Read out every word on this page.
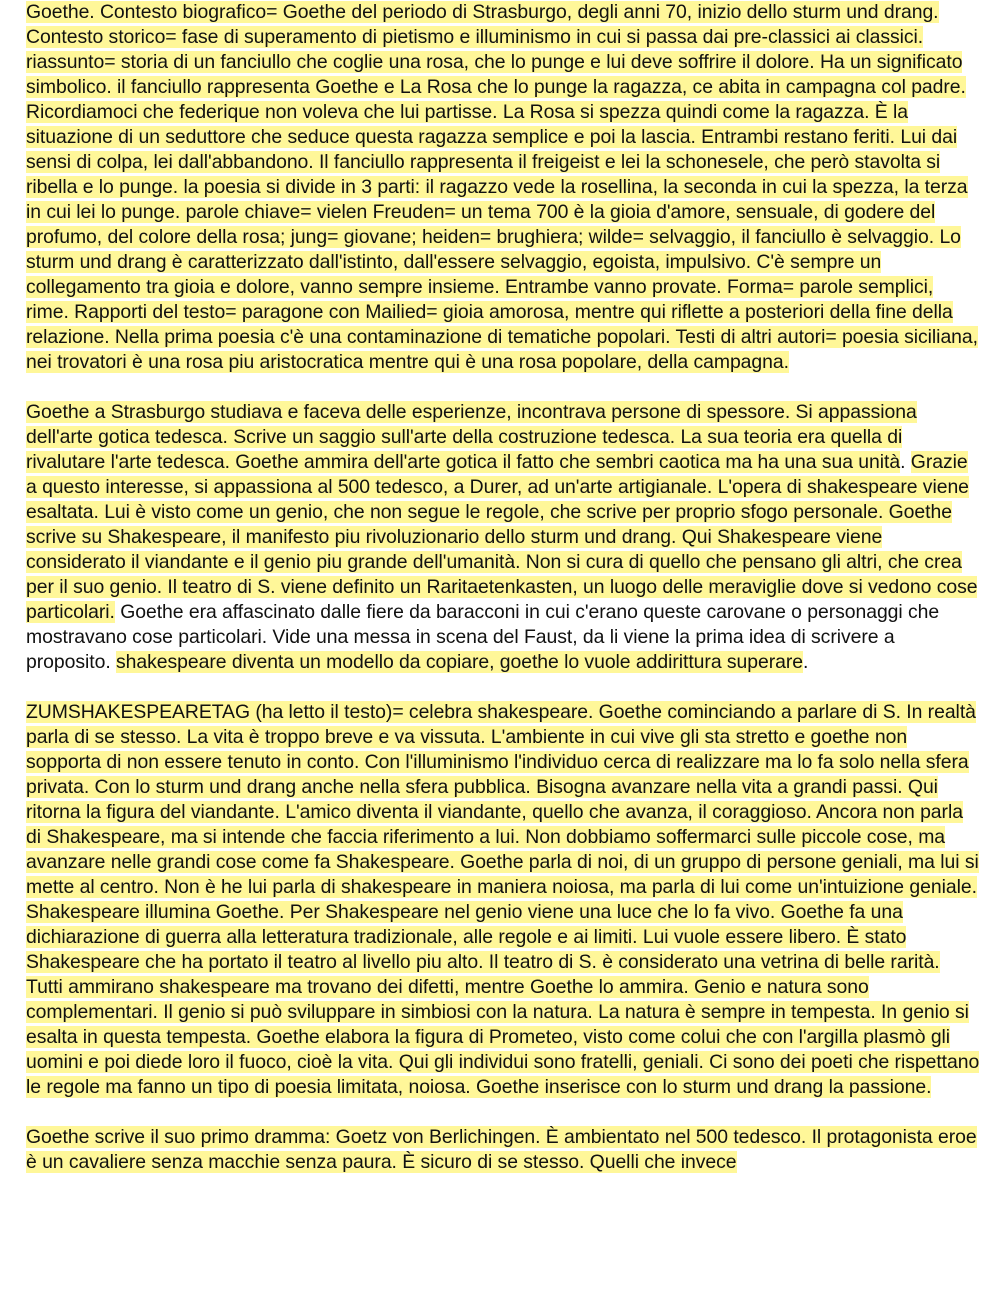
Goethe. Contesto biografico= Goethe del periodo di Strasburgo, degli anni 70, inizio dello sturm und drang. Contesto storico= fase di superamento di pietismo e illuminismo in cui si passa dai pre-classici ai classici. riassunto= storia di un fanciullo che coglie una rosa, che lo punge e lui deve soffrire il dolore. Ha un significato simbolico. il fanciullo rappresenta Goethe e La Rosa che lo punge la ragazza, ce abita in campagna col padre. Ricordiamoci che federique non voleva che lui partisse. La Rosa si spezza quindi come la ragazza. È la situazione di un seduttore che seduce questa ragazza semplice e poi la lascia. Entrambi restano feriti. Lui dai sensi di colpa, lei dall'abbandono. Il fanciullo rappresenta il freigeist e lei la schonesele, che però stavolta si ribella e lo punge. la poesia si divide in 3 parti: il ragazzo vede la rosellina, la seconda in cui la spezza, la terza in cui lei lo punge. parole chiave= vielen Freuden= un tema 700 è la gioia d'amore, sensuale, di godere del profumo, del colore della rosa; jung= giovane; heiden= brughiera; wilde= selvaggio, il fanciullo è selvaggio. Lo sturm und drang è caratterizzato dall'istinto, dall'essere selvaggio, egoista, impulsivo. C'è sempre un collegamento tra gioia e dolore, vanno sempre insieme. Entrambe vanno provate. Forma= parole semplici, rime. Rapporti del testo= paragone con Mailied= gioia amorosa, mentre qui riflette a posteriori della fine della relazione. Nella prima poesia c'è una contaminazione di tematiche popolari. Testi di altri autori= poesia siciliana, nei trovatori è una rosa piu aristocratica mentre qui è una rosa popolare, della campagna.

Goethe a Strasburgo studiava e faceva delle esperienze, incontrava persone di spessore. Si appassiona dell'arte gotica tedesca. Scrive un saggio sull'arte della costruzione tedesca. La sua teoria era quella di rivalutare l'arte tedesca. Goethe ammira dell'arte gotica il fatto che sembri caotica ma ha una sua unità. Grazie a questo interesse, si appassiona al 500 tedesco, a Durer, ad un'arte artigianale. L'opera di shakespeare viene esaltata. Lui è visto come un genio, che non segue le regole, che scrive per proprio sfogo personale. Goethe scrive su Shakespeare, il manifesto piu rivoluzionario dello sturm und drang. Qui Shakespeare viene considerato il viandante e il genio piu grande dell'umanità. Non si cura di quello che pensano gli altri, che crea per il suo genio. Il teatro di S. viene definito un Raritaetenkasten, un luogo delle meraviglie dove si vedono cose particolari. Goethe era affascinato dalle fiere da baracconi in cui c'erano queste carovane o personaggi che mostravano cose particolari. Vide una messa in scena del Faust, da li viene la prima idea di scrivere a proposito. shakespeare diventa un modello da copiare, goethe lo vuole addirittura superare.

ZUMSHAKESPEARETAG (ha letto il testo)= celebra shakespeare. Goethe cominciando a parlare di S. In realtà parla di se stesso. La vita è troppo breve e va vissuta. L'ambiente in cui vive gli sta stretto e goethe non sopporta di non essere tenuto in conto. Con l'illuminismo l'individuo cerca di realizzare ma lo fa solo nella sfera privata. Con lo sturm und drang anche nella sfera pubblica. Bisogna avanzare nella vita a grandi passi. Qui ritorna la figura del viandante. L'amico diventa il viandante, quello che avanza, il coraggioso. Ancora non parla di Shakespeare, ma si intende che faccia riferimento a lui. Non dobbiamo soffermarci sulle piccole cose, ma avanzare nelle grandi cose come fa Shakespeare. Goethe parla di noi, di un gruppo di persone geniali, ma lui si mette al centro. Non è he lui parla di shakespeare in maniera noiosa, ma parla di lui come un'intuizione geniale. Shakespeare illumina Goethe. Per Shakespeare nel genio viene una luce che lo fa vivo. Goethe fa una dichiarazione di guerra alla letteratura tradizionale, alle regole e ai limiti. Lui vuole essere libero. È stato Shakespeare che ha portato il teatro al livello piu alto. Il teatro di S. è considerato una vetrina di belle rarità. Tutti ammirano shakespeare ma trovano dei difetti, mentre Goethe lo ammira. Genio e natura sono complementari. Il genio si può sviluppare in simbiosi con la natura. La natura è sempre in tempesta. In genio si esalta in questa tempesta. Goethe elabora la figura di Prometeo, visto come colui che con l'argilla plasmò gli uomini e poi diede loro il fuoco, cioè la vita. Qui gli individui sono fratelli, geniali. Ci sono dei poeti che rispettano le regole ma fanno un tipo di poesia limitata, noiosa. Goethe inserisce con lo sturm und drang la passione.

Goethe scrive il suo primo dramma: Goetz von Berlichingen. È ambientato nel 500 tedesco. Il protagonista eroe è un cavaliere senza macchie senza paura. È sicuro di se stesso. Quelli che invece
